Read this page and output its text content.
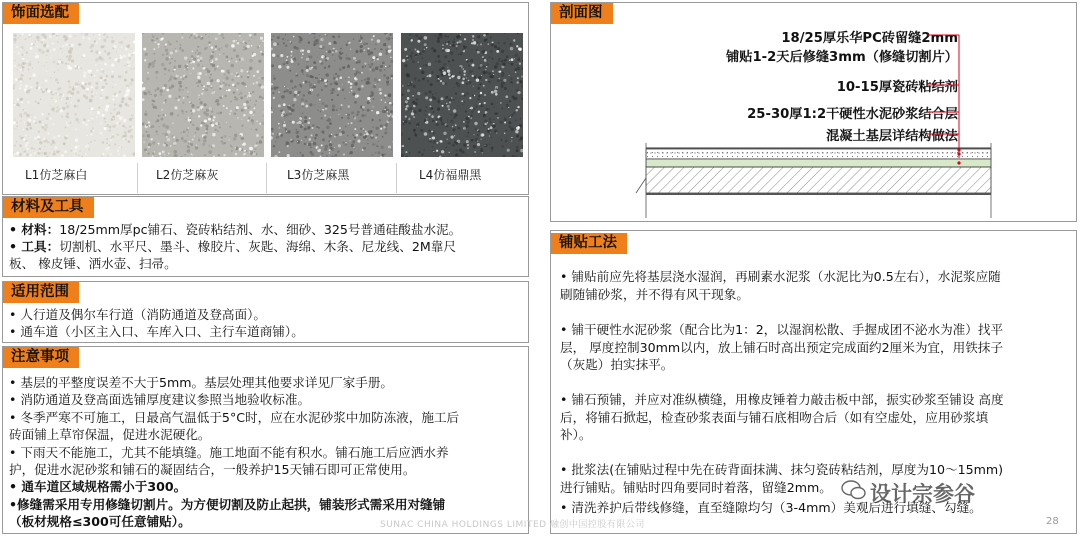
饰面选配
L1仿芝麻白	L2仿芝麻灰	L3仿芝麻黑	L4仿福鼎黑
材料及工具
• 材料：18/25mm厚pc铺石、瓷砖粘结剂、水、细砂、325号普通硅酸盐水泥。
• 工具：切割机、水平尺、墨斗、橡胶片、灰匙、海绵、木条、尼龙线、2M靠尺
板、 橡皮锤、洒水壶、扫帚。
适用范围
• 人行道及偶尔车行道（消防通道及登高面）。
• 通车道（小区主入口、车库入口、主行车道商铺）。
注意事项
• 基层的平整度误差不大于5mm。基层处理其他要求详见厂家手册。
• 消防通道及登高面选铺厚度建议参照当地验收标准。
• 冬季严寒不可施工，日最高气温低于5°C时，应在水泥砂浆中加防冻液，施工后
砖面铺上草帘保温，促进水泥硬化。
• 下雨天不能施工，尤其不能填缝。施工地面不能有积水。铺石施工后应洒水养
护，促进水泥砂浆和铺石的凝固结合，一般养护15天铺石即可正常使用。
• 通车道区域规格需小于300。
•修缝需采用专用修缝切割片。为方便切割及防止起拱，铺装形式需采用对缝铺
（板材规格≤300可任意铺贴）。
剖面图
18/25厚乐华PC砖留缝2mm
铺贴1-2天后修缝3mm（修缝切割片）
10-15厚瓷砖粘结剂
25-30厚1:2干硬性水泥砂浆结合层
混凝土基层详结构做法
铺贴工法
• 铺贴前应先将基层浇水湿润，再刷素水泥浆（水泥比为0.5左右），水泥浆应随
刷随铺砂浆，并不得有风干现象。
• 铺干硬性水泥砂浆（配合比为1：2，以湿润松散、手握成团不泌水为准）找平
层， 厚度控制30mm以内，放上铺石时高出预定完成面约2厘米为宜，用铁抹子
（灰匙）拍实抹平。
• 铺石预铺，并应对准纵横缝，用橡皮锤着力敲击板中部，振实砂浆至铺设 高度
后，将铺石掀起，检查砂浆表面与铺石底相吻合后（如有空虚处，应用砂浆填
补）。
• 批浆法(在铺贴过程中先在砖背面抹满、抹匀瓷砖粘结剂，厚度为10～15mm)
进行铺贴。铺贴时四角要同时着落，留缝2mm。
• 清洗养护后带线修缝，直至缝隙均匀（3-4mm）美观后进行填缝、勾缝。
SUNAC CHINA HOLDINGS LIMITED 融创中国控股有限公司	28
设计宗参谷
